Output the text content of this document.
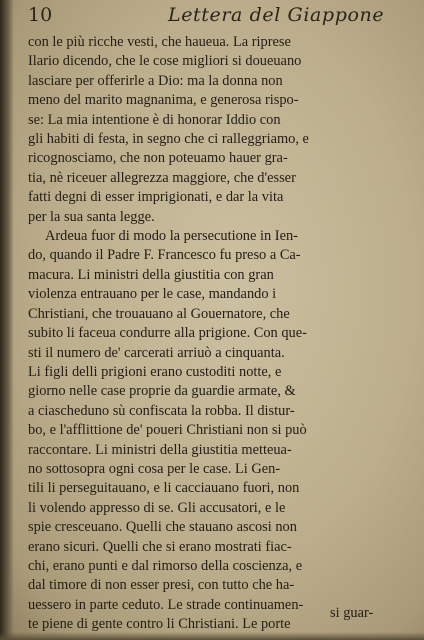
10	Lettera del Giappone
con le più ricche vesti, che haueua. La riprese
Ilario dicendo, che le cose migliori si doueuano
lasciare per offerirle a Dio: ma la donna non
meno del marito magnanima, e generosa rispo-
se: La mia intentione è di honorar Iddio con
gli habiti di festa, in segno che ci ralleggriamo, e
ricognosciamo, che non poteuamo hauer gra-
tia, nè riceuer allegrezza maggiore, che d'esser
fatti degni di esser imprigionati, e dar la vita
per la sua santa legge.
Ardeua fuor di modo la persecutione in Ien-
do, quando il Padre F. Francesco fu preso a Ca-
macura. Li ministri della giustitia con gran
violenza entrauano per le case, mandando i
Christiani, che trouauano al Gouernatore, che
subito li faceua condurre alla prigione. Con que-
sti il numero de' carcerati arriuò a cinquanta.
Li figli delli prigioni erano custoditi notte, e
giorno nelle case proprie da guardie armate, &
a ciascheduno sù confiscata la robba. Il distur-
bo, e l'afflittione de' poueri Christiani non si può
raccontare. Li ministri della giustitia metteua-
no sottosopra ogni cosa per le case. Li Gen-
tili li perseguitauano, e li cacciauano fuori, non
li volendo appresso di se. Gli accusatori, e le
spie cresceuano. Quelli che stauano ascosi non
erano sicuri. Quelli che si erano mostrati fiac-
chi, erano punti e dal rimorso della coscienza, e
dal timore di non esser presi, con tutto che ha-
uessero in parte ceduto. Le strade continuamen-
te piene di gente contro li Christiani. Le porte
si guar-
